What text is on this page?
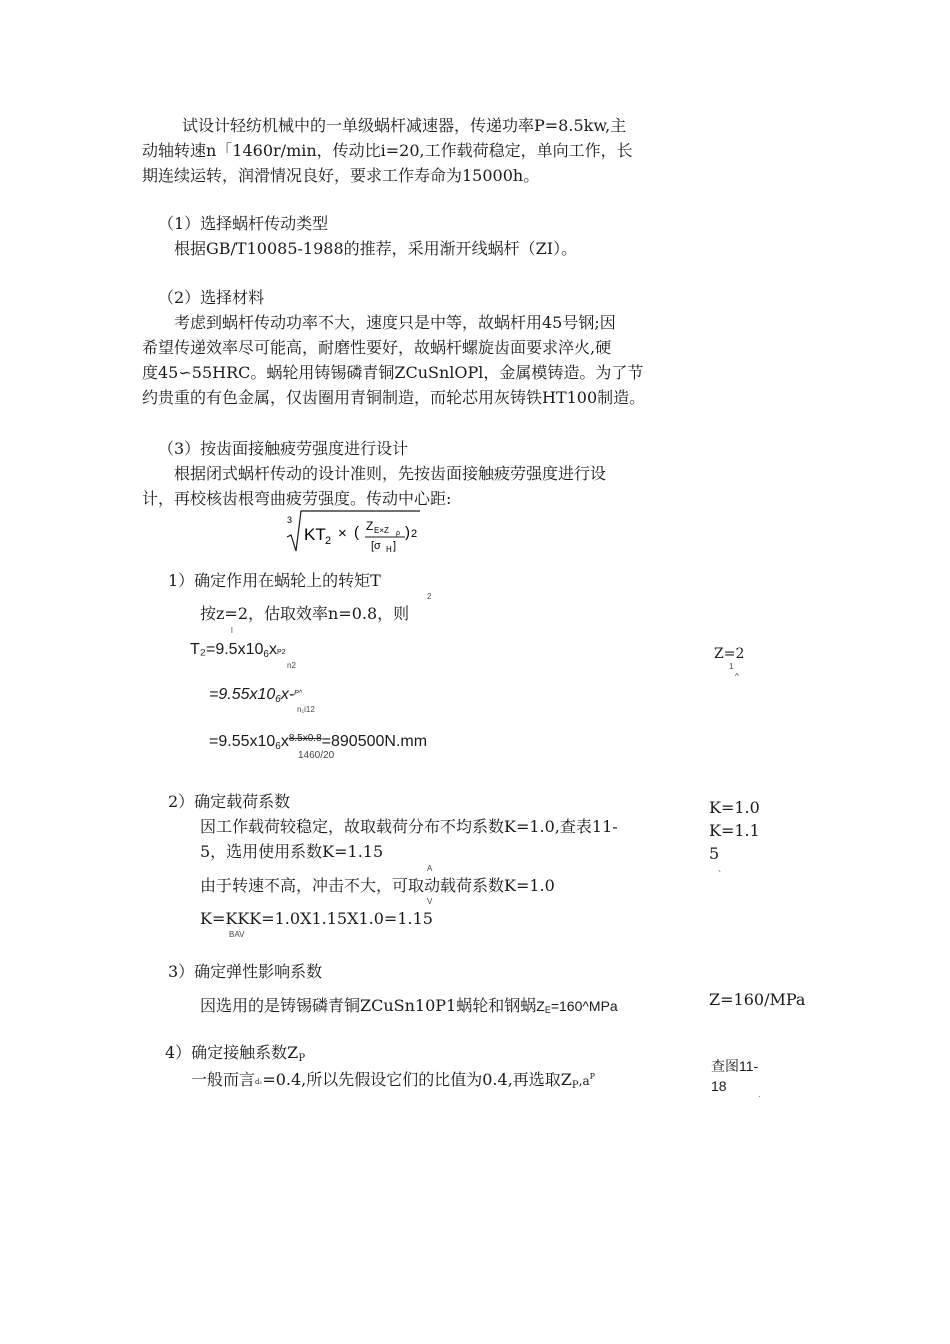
试设计轻纺机械中的一单级蜗杆减速器，传递功率P=8.5kw,主
动轴转速n「1460r/min，传动比i=20,工作载荷稳定，单向工作，长
期连续运转，润滑情况良好，要求工作寿命为15000h。
（1）选择蜗杆传动类型
根据GB/T10085-1988的推荐，采用渐开线蜗杆（ZI）。
（2）选择材料
考虑到蜗杆传动功率不大，速度只是中等，故蜗杆用45号钢;因
希望传递效率尽可能高，耐磨性要好，故蜗杆螺旋齿面要求淬火,硬
度45∽55HRC。蜗轮用铸锡磷青铜ZCuSnlOPl，金属模铸造。为了节
约贵重的有色金属，仅齿圈用青铜制造，而轮芯用灰铸铁HT100制造。
（3）按齿面接触疲劳强度进行设计
根据闭式蜗杆传动的设计准则，先按齿面接触疲劳强度进行设
计，再校核齿根弯曲疲劳强度。传动中心距:
3
KT 2 × ( Z E×Z ρ
[σ H ]
) 2
1）确定作用在蜗轮上的转矩T
2
按z=2，估取效率n=0.8，则
l
$T_2=9.5x10_6xP2$
n2
$=9.55x10_6x-^{P\^{}}$
n₁i12
$=9.55x10_6x^{8.5x0.8}=890500N.mm$
1460/20
Z=2
1
^
2）确定载荷系数
因工作载荷较稳定，故取载荷分布不均系数K=1.0,查表11-
5，选用使用系数K=1.15
由于转速不高，冲击不大，可取动载荷系数K=1.0
A
V
K=KKK=1.0X1.15X1.0=1.15
BAV
K=1.0
K=1.1
5
、
3）确定弹性影响系数
因选用的是铸锡磷青铜ZCuSn10P1蜗轮和钢蜗ZE=160^MPa	Z=160/MPa
4）确定接触系数ZP
一般而言d₁=0.4,所以先假设它们的比值为0.4,再选取$ZP,a^P$
查图11-
18
·
